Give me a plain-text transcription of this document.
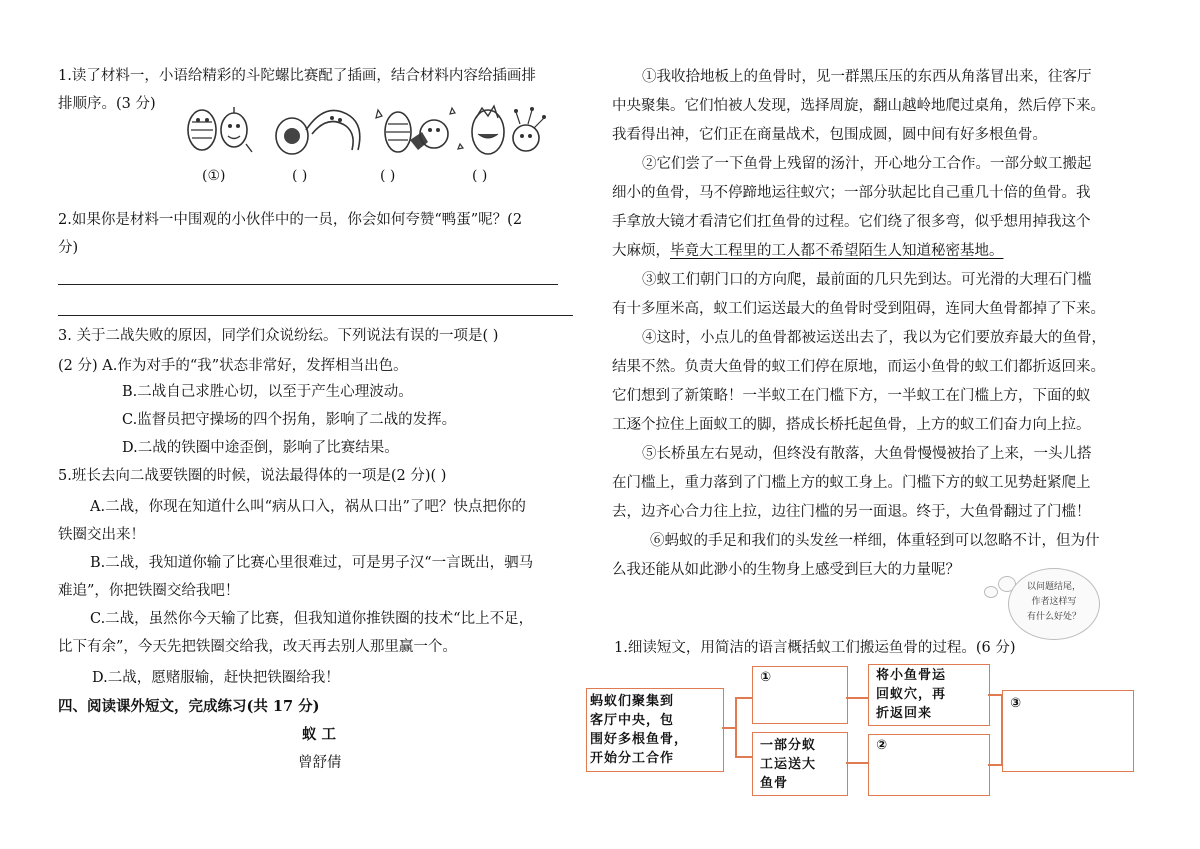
1.读了材料一，小语给精彩的斗陀螺比赛配了插画，结合材料内容给插画排
排顺序。(3 分)
(①)	( )	( )	( )
2.如果你是材料一中围观的小伙伴中的一员，你会如何夸赞“鸭蛋”呢？(2
分)
3. 关于二战失败的原因，同学们众说纷纭。下列说法有误的一项是( )
(2 分) A.作为对手的“我”状态非常好，发挥相当出色。
B.二战自己求胜心切，以至于产生心理波动。
C.监督员把守操场的四个拐角，影响了二战的发挥。
D.二战的铁圈中途歪倒，影响了比赛结果。
5.班长去向二战要铁圈的时候，说法最得体的一项是(2 分)( )
A.二战，你现在知道什么叫“病从口入，祸从口出”了吧？快点把你的
铁圈交出来！
B.二战，我知道你输了比赛心里很难过，可是男子汉“一言既出，驷马
难追”，你把铁圈交给我吧！
C.二战，虽然你今天输了比赛，但我知道你推铁圈的技术“比上不足，
比下有余”，今天先把铁圈交给我，改天再去别人那里赢一个。
D.二战，愿赌服输，赶快把铁圈给我！
四、阅读课外短文，完成练习(共 17 分)
蚁 工
曾舒倩
①我收拾地板上的鱼骨时，见一群黑压压的东西从角落冒出来，往客厅
中央聚集。它们怕被人发现，选择周旋，翻山越岭地爬过桌角，然后停下来。
我看得出神，它们正在商量战术，包围成圆，圆中间有好多根鱼骨。
②它们尝了一下鱼骨上残留的汤汁，开心地分工合作。一部分蚁工搬起
细小的鱼骨，马不停蹄地运往蚁穴；一部分驮起比自己重几十倍的鱼骨。我
手拿放大镜才看清它们扛鱼骨的过程。它们绕了很多弯，似乎想用掉我这个
大麻烦，毕竟大工程里的工人都不希望陌生人知道秘密基地。
③蚁工们朝门口的方向爬，最前面的几只先到达。可光滑的大理石门槛
有十多厘米高，蚁工们运送最大的鱼骨时受到阻碍，连同大鱼骨都掉了下来。
④这时，小点儿的鱼骨都被运送出去了，我以为它们要放弃最大的鱼骨，
结果不然。负责大鱼骨的蚁工们停在原地，而运小鱼骨的蚁工们都折返回来。
它们想到了新策略！一半蚁工在门槛下方，一半蚁工在门槛上方，下面的蚁
工逐个拉住上面蚁工的脚，搭成长桥托起鱼骨，上方的蚁工们奋力向上拉。
⑤长桥虽左右晃动，但终没有散落，大鱼骨慢慢被抬了上来，一头儿搭
在门槛上，重力落到了门槛上方的蚁工身上。门槛下方的蚁工见势赶紧爬上
去，边齐心合力往上拉，边往门槛的另一面退。终于，大鱼骨翻过了门槛！
⑥蚂蚁的手足和我们的头发丝一样细，体重轻到可以忽略不计，但为什
么我还能从如此渺小的生物身上感受到巨大的力量呢？
以问题结尾，
作者这样写
有什么好处？
1.细读短文，用简洁的语言概括蚁工们搬运鱼骨的过程。(6 分)
蚂蚁们聚集到
客厅中央，包
围好多根鱼骨，
开始分工合作
①	将小鱼骨运
回蚁穴，再
折返回来
一部分蚁
工运送大
鱼骨
②
③
